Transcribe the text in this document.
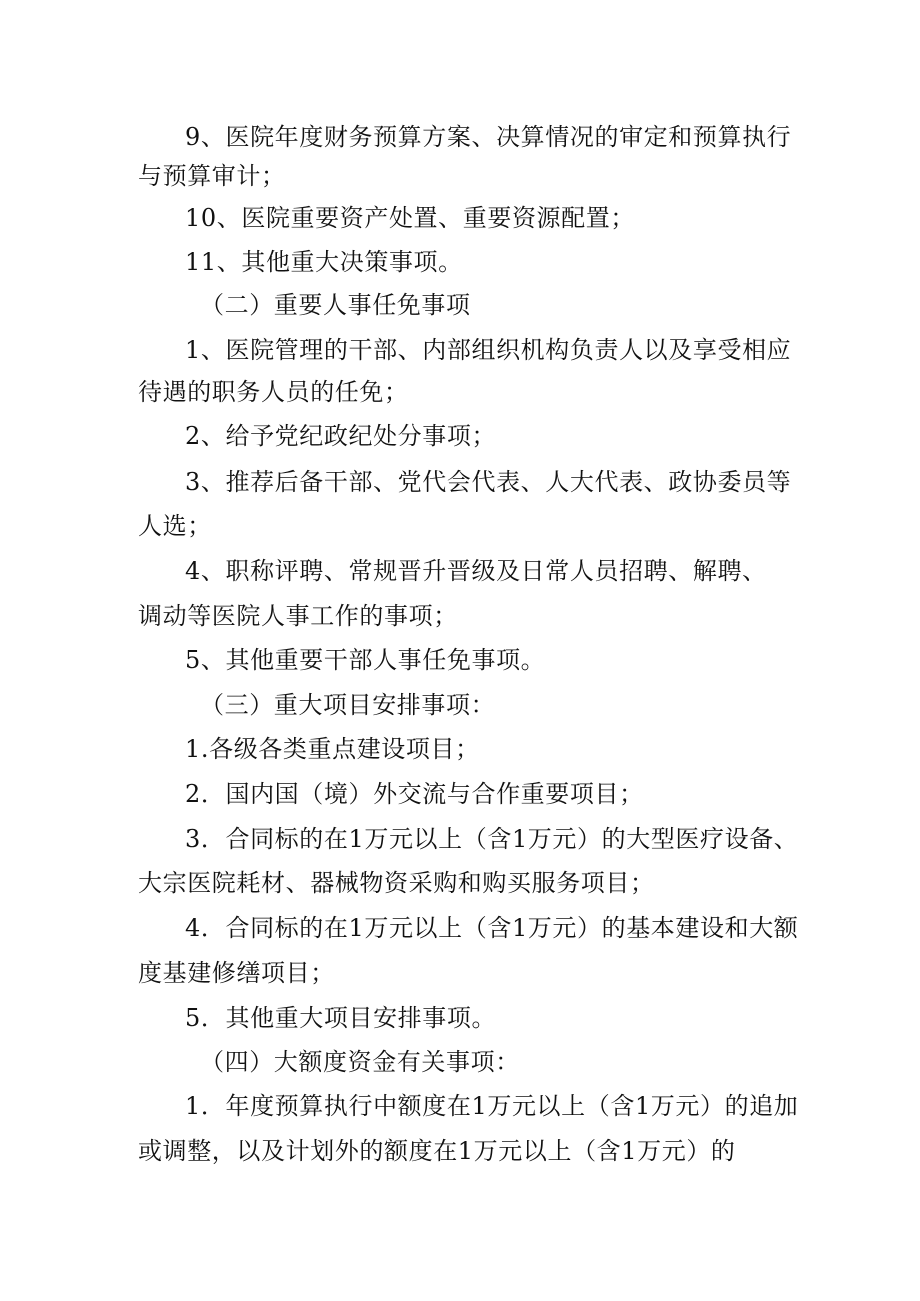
9、医院年度财务预算方案、决算情况的审定和预算执行
与预算审计；
10、医院重要资产处置、重要资源配置；
11、其他重大决策事项。
（二）重要人事任免事项
1、医院管理的干部、内部组织机构负责人以及享受相应
待遇的职务人员的任免；
2、给予党纪政纪处分事项；
3、推荐后备干部、党代会代表、人大代表、政协委员等
人选；
4、职称评聘、常规晋升晋级及日常人员招聘、解聘、
调动等医院人事工作的事项；
5、其他重要干部人事任免事项。
（三）重大项目安排事项：
1.各级各类重点建设项目；
2．国内国（境）外交流与合作重要项目；
3．合同标的在1万元以上（含1万元）的大型医疗设备、
大宗医院耗材、器械物资采购和购买服务项目；
4．合同标的在1万元以上（含1万元）的基本建设和大额
度基建修缮项目；
5．其他重大项目安排事项。
（四）大额度资金有关事项：
1．年度预算执行中额度在1万元以上（含1万元）的追加
或调整，以及计划外的额度在1万元以上（含1万元）的
